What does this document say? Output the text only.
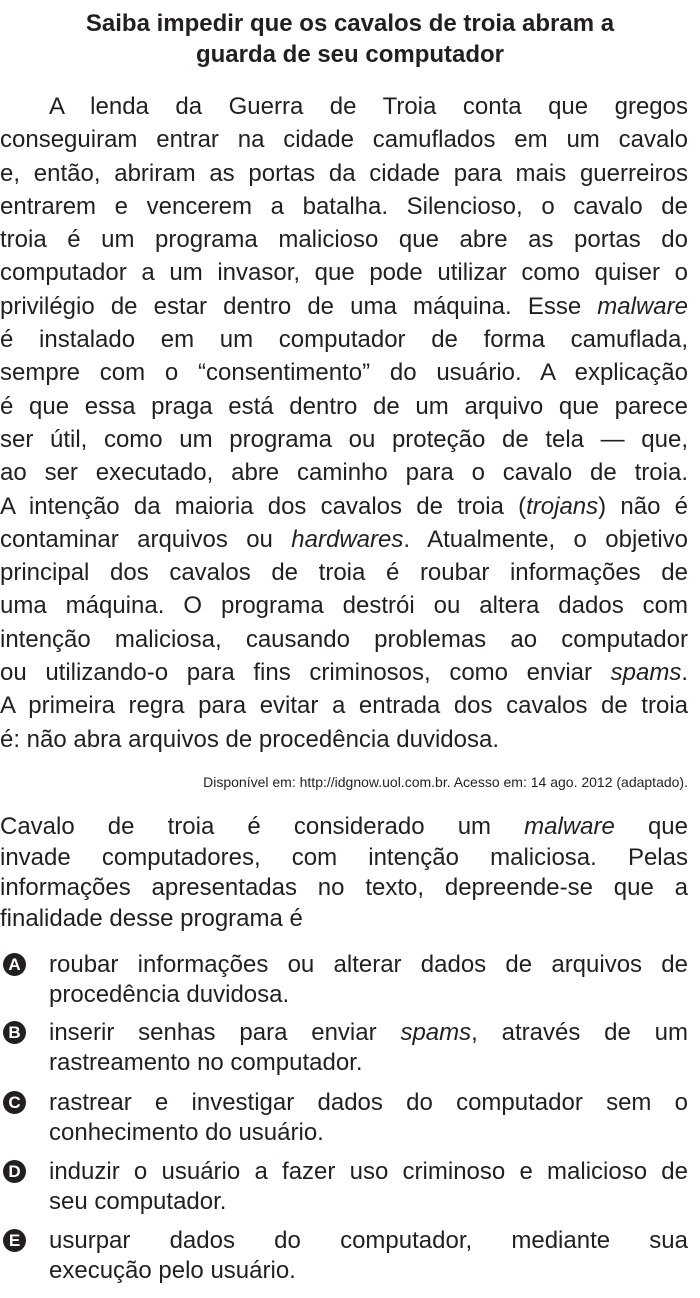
Saiba impedir que os cavalos de troia abram a
guarda de seu computador
A lenda da Guerra de Troia conta que gregos
conseguiram entrar na cidade camuflados em um cavalo
e, então, abriram as portas da cidade para mais guerreiros
entrarem e vencerem a batalha. Silencioso, o cavalo de
troia é um programa malicioso que abre as portas do
computador a um invasor, que pode utilizar como quiser o
privilégio de estar dentro de uma máquina. Esse malware
é instalado em um computador de forma camuflada,
sempre com o “consentimento” do usuário. A explicação
é que essa praga está dentro de um arquivo que parece
ser útil, como um programa ou proteção de tela — que,
ao ser executado, abre caminho para o cavalo de troia.
A intenção da maioria dos cavalos de troia (trojans) não é
contaminar arquivos ou hardwares. Atualmente, o objetivo
principal dos cavalos de troia é roubar informações de
uma máquina. O programa destrói ou altera dados com
intenção maliciosa, causando problemas ao computador
ou utilizando-o para fins criminosos, como enviar spams.
A primeira regra para evitar a entrada dos cavalos de troia
é: não abra arquivos de procedência duvidosa.
Disponível em: http://idgnow.uol.com.br. Acesso em: 14 ago. 2012 (adaptado).
Cavalo de troia é considerado um malware que
invade computadores, com intenção maliciosa. Pelas
informações apresentadas no texto, depreende-se que a
finalidade desse programa é
A roubar informações ou alterar dados de arquivos de
procedência duvidosa.
B inserir senhas para enviar spams, através de um
rastreamento no computador.
C rastrear e investigar dados do computador sem o
conhecimento do usuário.
D induzir o usuário a fazer uso criminoso e malicioso de
seu computador.
E usurpar dados do computador, mediante sua
execução pelo usuário.
